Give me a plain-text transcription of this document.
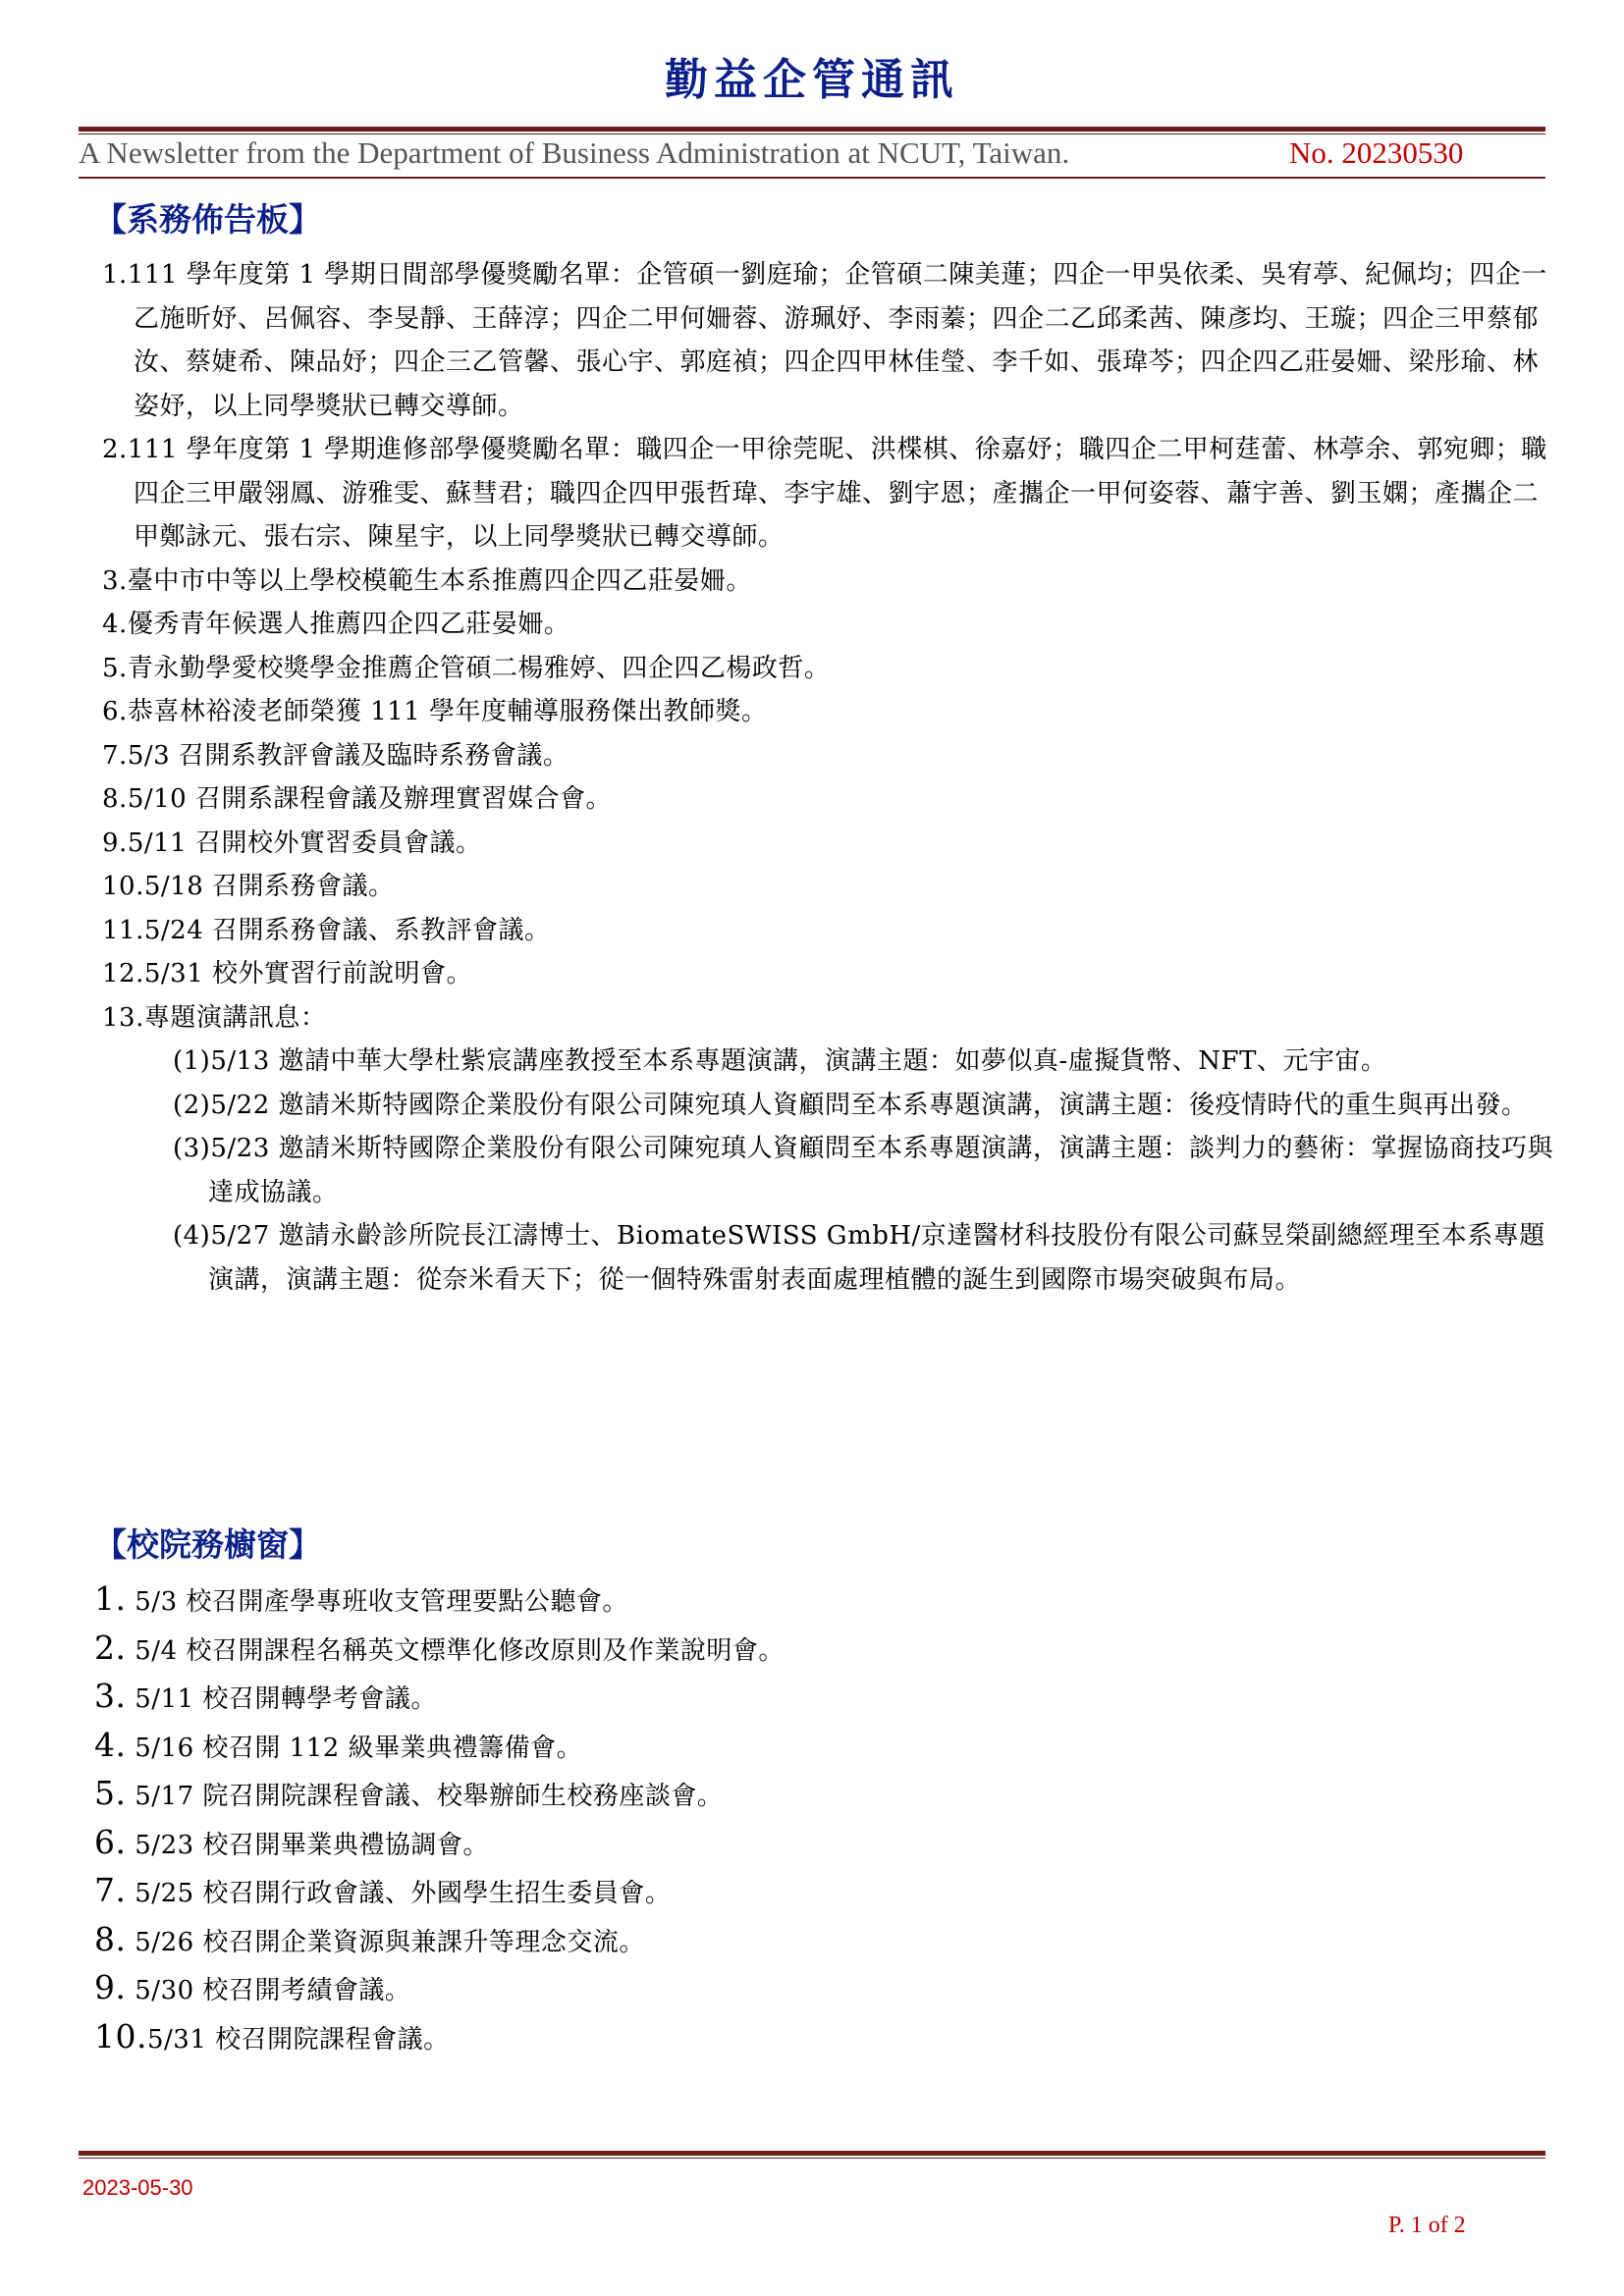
勤益企管通訊
A Newsletter from the Department of Business Administration at NCUT, Taiwan.	No. 20230530
【系務佈告板】
1.111 學年度第 1 學期日間部學優獎勵名單：企管碩一劉庭瑜；企管碩二陳美蓮；四企一甲吳依柔、吳宥葶、紀佩均；四企一乙施昕妤、呂佩容、李旻靜、王薛淳；四企二甲何姍蓉、游珮妤、李雨蓁；四企二乙邱柔茜、陳彥均、王璇；四企三甲蔡郁汝、蔡婕希、陳品妤；四企三乙管馨、張心宇、郭庭禎；四企四甲林佳瑩、李千如、張瑋芩；四企四乙莊晏姍、梁彤瑜、林姿妤，以上同學獎狀已轉交導師。
2.111 學年度第 1 學期進修部學優獎勵名單：職四企一甲徐莞昵、洪楪棋、徐嘉妤；職四企二甲柯莛蕾、林葶余、郭宛卿；職四企三甲嚴翎鳳、游雅雯、蘇彗君；職四企四甲張哲瑋、李宇雄、劉宇恩；產攜企一甲何姿蓉、蕭宇善、劉玉嫻；產攜企二甲鄭詠元、張右宗、陳星宇，以上同學獎狀已轉交導師。
3.臺中市中等以上學校模範生本系推薦四企四乙莊晏姍。
4.優秀青年候選人推薦四企四乙莊晏姍。
5.青永勤學愛校獎學金推薦企管碩二楊雅婷、四企四乙楊政哲。
6.恭喜林裕淩老師榮獲 111 學年度輔導服務傑出教師獎。
7.5/3 召開系教評會議及臨時系務會議。
8.5/10 召開系課程會議及辦理實習媒合會。
9.5/11 召開校外實習委員會議。
10.5/18 召開系務會議。
11.5/24 召開系務會議、系教評會議。
12.5/31 校外實習行前說明會。
13.專題演講訊息：
(1)5/13 邀請中華大學杜紫宸講座教授至本系專題演講，演講主題：如夢似真-虛擬貨幣、NFT、元宇宙。
(2)5/22 邀請米斯特國際企業股份有限公司陳宛瑱人資顧問至本系專題演講，演講主題：後疫情時代的重生與再出發。
(3)5/23 邀請米斯特國際企業股份有限公司陳宛瑱人資顧問至本系專題演講，演講主題：談判力的藝術：掌握協商技巧與達成協議。
(4)5/27 邀請永齡診所院長江濤博士、BiomateSWISS GmbH/京達醫材科技股份有限公司蘇昱榮副總經理至本系專題演講，演講主題：從奈米看天下；從一個特殊雷射表面處理植體的誕生到國際市場突破與布局。
【校院務櫥窗】
1. 5/3 校召開產學專班收支管理要點公聽會。
2. 5/4 校召開課程名稱英文標準化修改原則及作業說明會。
3. 5/11 校召開轉學考會議。
4. 5/16 校召開 112 級畢業典禮籌備會。
5. 5/17 院召開院課程會議、校舉辦師生校務座談會。
6. 5/23 校召開畢業典禮協調會。
7. 5/25 校召開行政會議、外國學生招生委員會。
8. 5/26 校召開企業資源與兼課升等理念交流。
9. 5/30 校召開考績會議。
10.5/31 校召開院課程會議。
2023-05-30
P. 1 of 2
